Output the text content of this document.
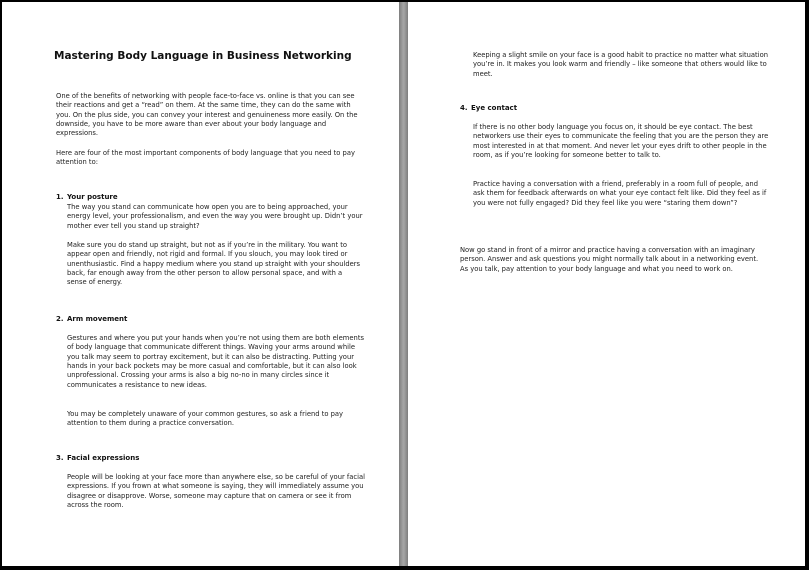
Mastering Body Language in Business Networking

One of the benefits of networking with people face-to-face vs. online is that you can see their reactions and get a “read” on them. At the same time, they can do the same with you. On the plus side, you can convey your interest and genuineness more easily. On the downside, you have to be more aware than ever about your body language and expressions.

Here are four of the most important components of body language that you need to pay attention to:

1. Your posture

The way you stand can communicate how open you are to being approached, your energy level, your professionalism, and even the way you were brought up. Didn’t your mother ever tell you stand up straight?

Make sure you do stand up straight, but not as if you’re in the military. You want to appear open and friendly, not rigid and formal. If you slouch, you may look tired or unenthusiastic. Find a happy medium where you stand up straight with your shoulders back, far enough away from the other person to allow personal space, and with a sense of energy.

2. Arm movement

Gestures and where you put your hands when you’re not using them are both elements of body language that communicate different things. Waving your arms around while you talk may seem to portray excitement, but it can also be distracting. Putting your hands in your back pockets may be more casual and comfortable, but it can also look unprofessional. Crossing your arms is also a big no-no in many circles since it communicates a resistance to new ideas.

You may be completely unaware of your common gestures, so ask a friend to pay attention to them during a practice conversation.

3. Facial expressions

People will be looking at your face more than anywhere else, so be careful of your facial expressions. If you frown at what someone is saying, they will immediately assume you disagree or disapprove. Worse, someone may capture that on camera or see it from across the room.

Keeping a slight smile on your face is a good habit to practice no matter what situation you’re in. It makes you look warm and friendly – like someone that others would like to meet.

4. Eye contact

If there is no other body language you focus on, it should be eye contact. The best networkers use their eyes to communicate the feeling that you are the person they are most interested in at that moment. And never let your eyes drift to other people in the room, as if you’re looking for someone better to talk to.

Practice having a conversation with a friend, preferably in a room full of people, and ask them for feedback afterwards on what your eye contact felt like. Did they feel as if you were not fully engaged? Did they feel like you were “staring them down”?

Now go stand in front of a mirror and practice having a conversation with an imaginary person. Answer and ask questions you might normally talk about in a networking event. As you talk, pay attention to your body language and what you need to work on.
